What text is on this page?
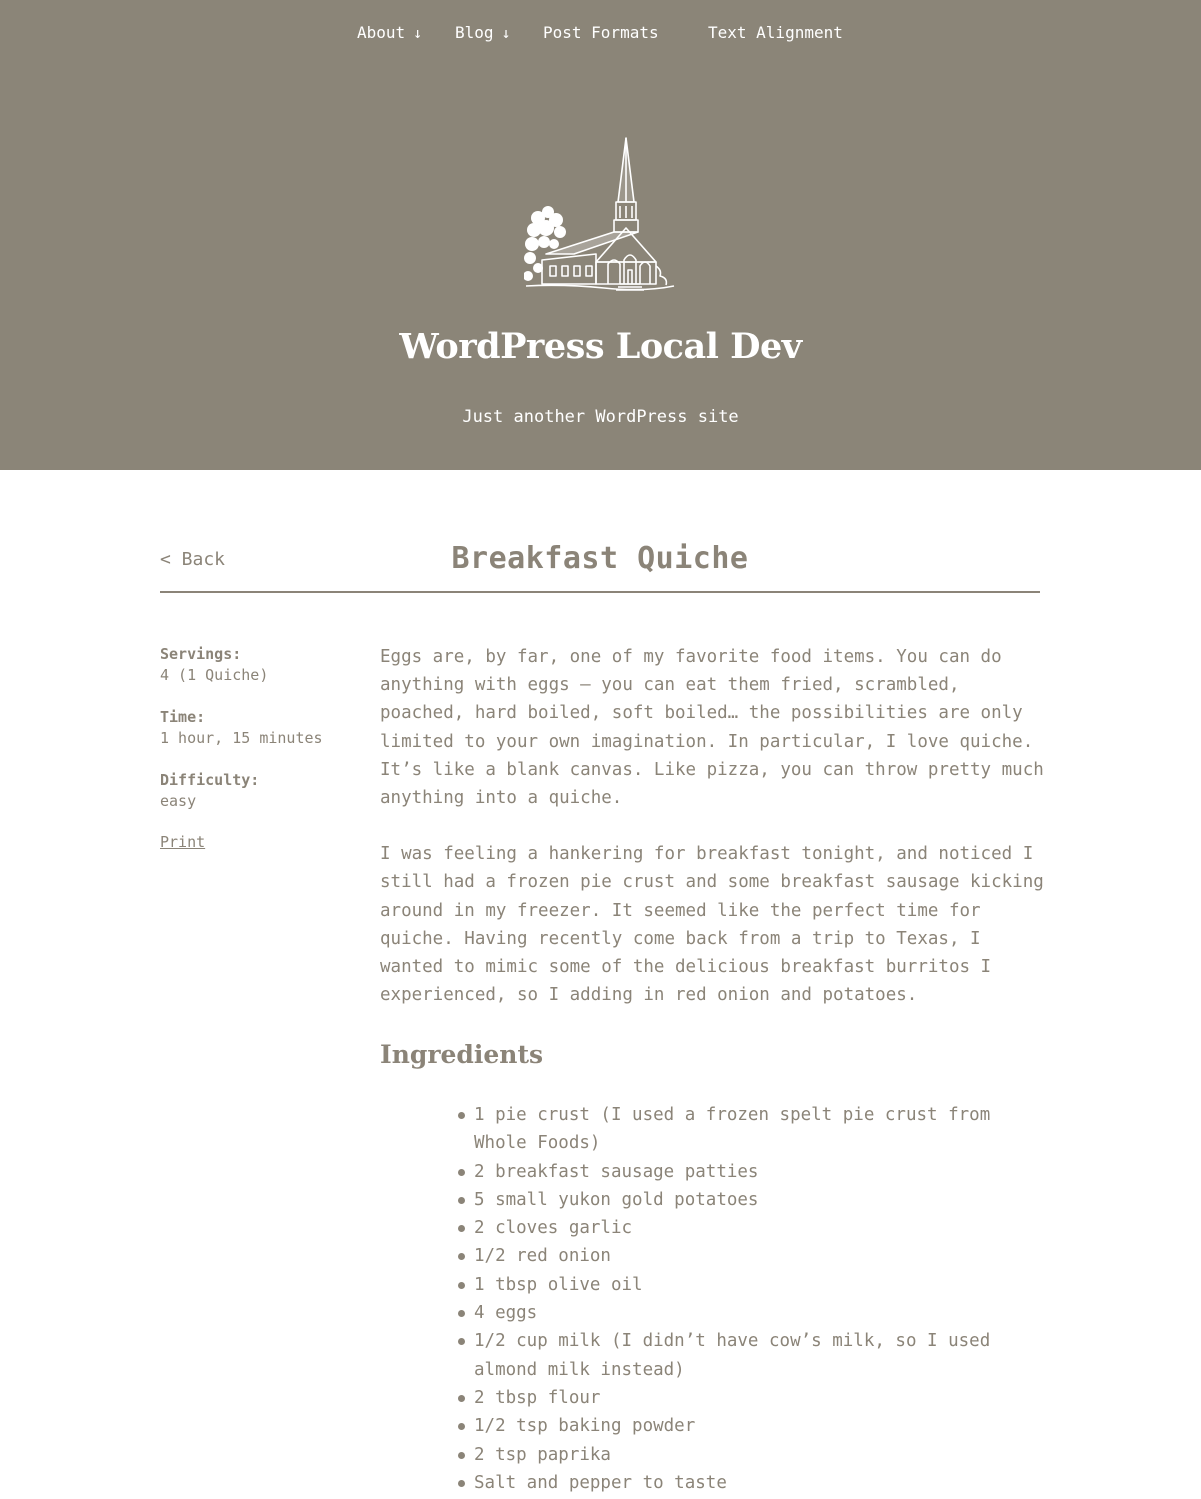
About ↓ Blog ↓ Post Formats	Text Alignment
WordPress Local Dev
Just another WordPress site
< Back	Breakfast Quiche
Servings:
4 (1 Quiche)
Time:
1 hour, 15 minutes
Difficulty:
easy
Print

Eggs are, by far, one of my favorite food items. You can do anything with eggs – you can eat them fried, scrambled, poached, hard boiled, soft boiled… the possibilities are only limited to your own imagination. In particular, I love quiche. It’s like a blank canvas. Like pizza, you can throw pretty much anything into a quiche.

I was feeling a hankering for breakfast tonight, and noticed I still had a frozen pie crust and some breakfast sausage kicking around in my freezer. It seemed like the perfect time for quiche. Having recently come back from a trip to Texas, I wanted to mimic some of the delicious breakfast burritos I experienced, so I adding in red onion and potatoes.

Ingredients
1 pie crust (I used a frozen spelt pie crust from Whole Foods)
2 breakfast sausage patties
5 small yukon gold potatoes
2 cloves garlic
1/2 red onion
1 tbsp olive oil
4 eggs
1/2 cup milk (I didn’t have cow’s milk, so I used almond milk instead)
2 tbsp flour
1/2 tsp baking powder
2 tsp paprika
Salt and pepper to taste
